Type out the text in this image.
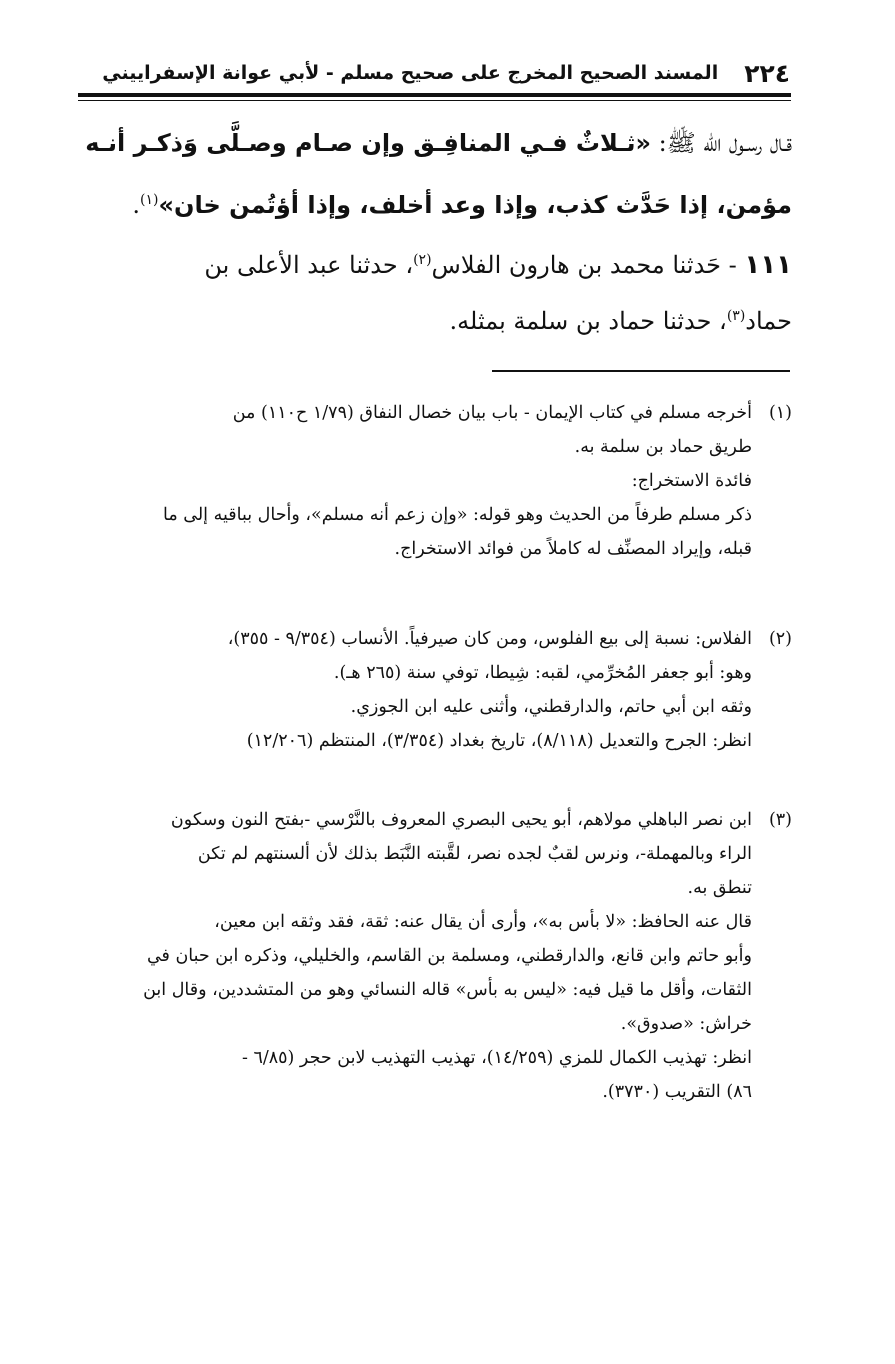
٢٢٤
المسند الصحيح المخرج على صحيح مسلم - لأبي عوانة الإسفراييني
قـال رسـول الله ﷺ: «ثـلاثٌ فـي المنافِـق وإن صـام وصـلَّى وَذكـر أنـه
مؤمن، إذا حَدَّث كذب، وإذا وعد أخلف، وإذا أؤتُمن خان»$^{(١)}$.
١١١ - حَدثنا محمد بن هارون الفلاس$^{(٢)}$، حدثنا عبد الأعلى بن
حماد$^{(٣)}$، حدثنا حماد بن سلمة بمثله.
(١)أخرجه مسلم في كتاب الإيمان - باب بيان خصال النفاق (١/٧٩ ح١١٠) من
طريق حماد بن سلمة به.
فائدة الاستخراج:
ذكر مسلم طرفاً من الحديث وهو قوله: «وإن زعم أنه مسلم»، وأحال بباقيه إلى ما
قبله، وإيراد المصنِّف له كاملاً من فوائد الاستخراج.
(٢)الفلاس: نسبة إلى بيع الفلوس، ومن كان صيرفياً. الأنساب (٩/٣٥٤ - ٣٥٥)،
وهو: أبو جعفر المُخرِّمي، لقبه: شِيطا، توفي سنة (٢٦٥ هـ).
وثقه ابن أبي حاتم، والدارقطني، وأثنى عليه ابن الجوزي.
انظر: الجرح والتعديل (٨/١١٨)، تاريخ بغداد (٣/٣٥٤)، المنتظم (١٢/٢٠٦)
(٣)ابن نصر الباهلي مولاهم، أبو يحيى البصري المعروف بالنَّرْسي -بفتح النون وسكون
الراء وبالمهملة-، ونرس لقبٌ لجده نصر، لقَّبته النَّبَط بذلك لأن ألسنتهم لم تكن
تنطق به.
قال عنه الحافظ: «لا بأس به»، وأرى أن يقال عنه: ثقة، فقد وثقه ابن معين،
وأبو حاتم وابن قانع، والدارقطني، ومسلمة بن القاسم، والخليلي، وذكره ابن حبان في
الثقات، وأقل ما قيل فيه: «ليس به بأس» قاله النسائي وهو من المتشددين، وقال ابن
خراش: «صدوق».
انظر: تهذيب الكمال للمزي (١٤/٢٥٩)، تهذيب التهذيب لابن حجر (٦/٨٥ -
٨٦) التقريب (٣٧٣٠).
